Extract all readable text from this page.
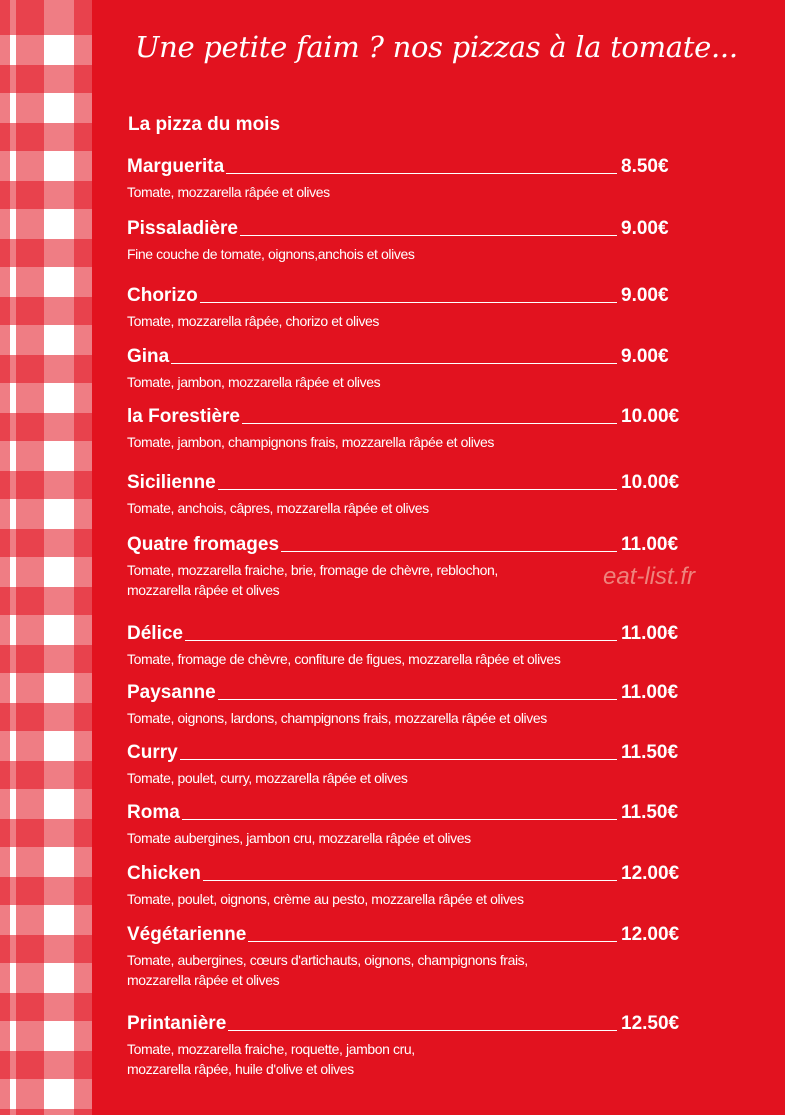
Une petite faim ? nos pizzas à la tomate...
La pizza du mois
Marguerita	8.50€
Tomate, mozzarella râpée et olives
Pissaladière	9.00€
Fine couche de tomate, oignons,anchois et olives
Chorizo	9.00€
Tomate, mozzarella râpée, chorizo et olives
Gina	9.00€
Tomate, jambon, mozzarella râpée et olives
la Forestière	10.00€
Tomate, jambon, champignons frais, mozzarella râpée et olives
Sicilienne	10.00€
Tomate, anchois, câpres, mozzarella râpée et olives
Quatre fromages	11.00€
Tomate, mozzarella fraiche, brie, fromage de chèvre, reblochon,
mozzarella râpée et olives
Délice	11.00€
Tomate, fromage de chèvre, confiture de figues, mozzarella râpée et olives
Paysanne	11.00€
Tomate, oignons, lardons, champignons frais, mozzarella râpée et olives
Curry	11.50€
Tomate, poulet, curry, mozzarella râpée et olives
Roma	11.50€
Tomate aubergines, jambon cru, mozzarella râpée et olives
Chicken	12.00€
Tomate, poulet, oignons, crème au pesto, mozzarella râpée et olives
Végétarienne	12.00€
Tomate, aubergines, cœurs d'artichauts, oignons, champignons frais,
mozzarella râpée et olives
Printanière	12.50€
Tomate, mozzarella fraiche, roquette, jambon cru,
mozzarella râpée, huile d'olive et olives
eat-list.fr
